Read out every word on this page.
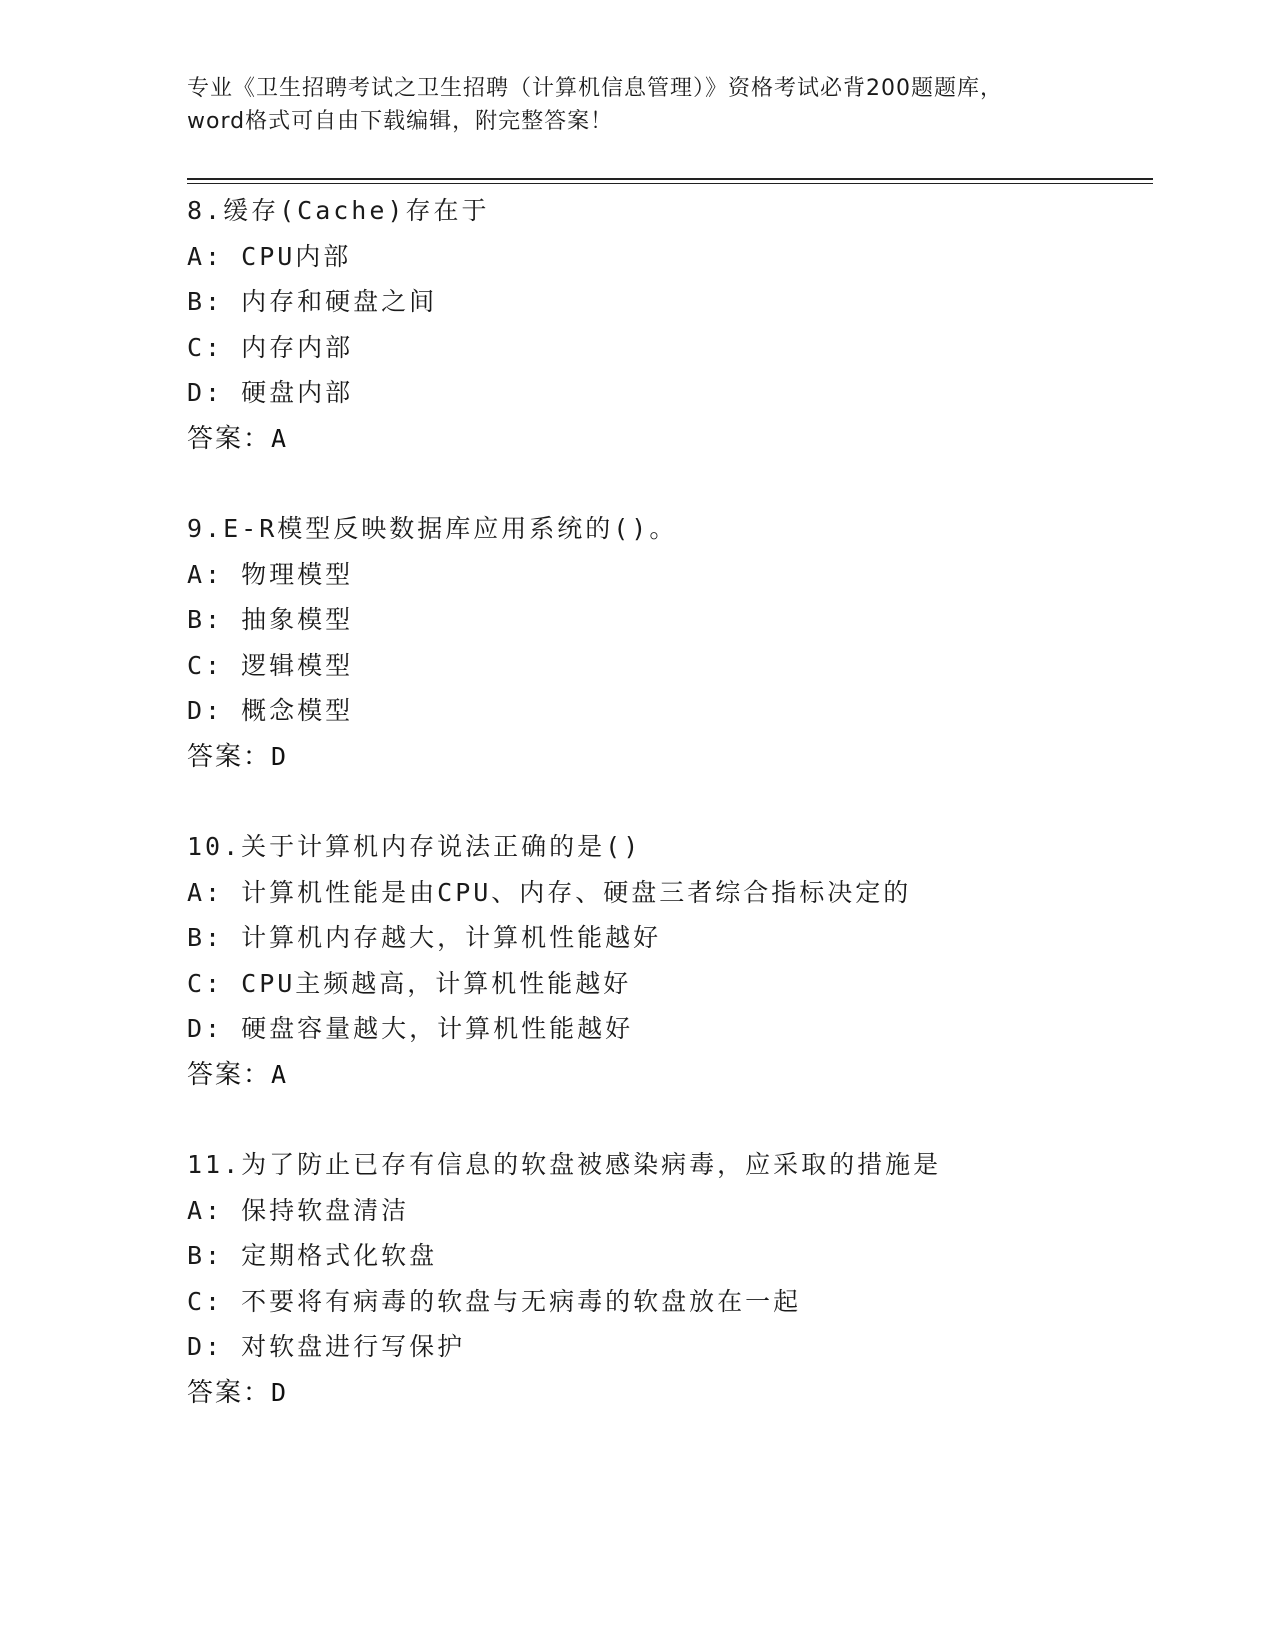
专业《卫生招聘考试之卫生招聘（计算机信息管理）》资格考试必背200题题库，
word格式可自由下载编辑，附完整答案！
8.缓存(Cache)存在于
A: CPU内部
B: 内存和硬盘之间
C: 内存内部
D: 硬盘内部
答案：A
9.E-R模型反映数据库应用系统的()。
A: 物理模型
B: 抽象模型
C: 逻辑模型
D: 概念模型
答案：D
10.关于计算机内存说法正确的是()
A: 计算机性能是由CPU、内存、硬盘三者综合指标决定的
B: 计算机内存越大，计算机性能越好
C: CPU主频越高，计算机性能越好
D: 硬盘容量越大，计算机性能越好
答案：A
11.为了防止已存有信息的软盘被感染病毒，应采取的措施是
A: 保持软盘清洁
B: 定期格式化软盘
C: 不要将有病毒的软盘与无病毒的软盘放在一起
D: 对软盘进行写保护
答案：D
